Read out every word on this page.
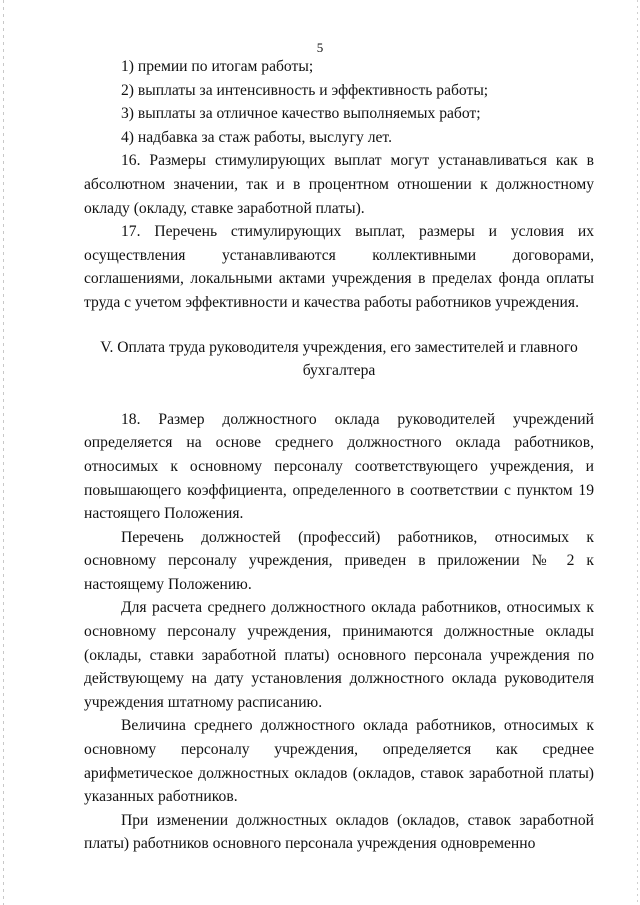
5

1) премии по итогам работы;

2) выплаты за интенсивность и эффективность работы;

3) выплаты за отличное качество выполняемых работ;

4) надбавка за стаж работы, выслугу лет.

16. Размеры стимулирующих выплат могут устанавливаться как в абсолютном значении, так и в процентном отношении к должностному окладу (окладу, ставке заработной платы).

17. Перечень стимулирующих выплат, размеры и условия их осуществления устанавливаются коллективными договорами, соглашениями, локальными актами учреждения в пределах фонда оплаты труда с учетом эффективности и качества работы работников учреждения.

V. Оплата труда руководителя учреждения, его заместителей и главного бухгалтера

18. Размер должностного оклада руководителей учреждений определяется на основе среднего должностного оклада работников, относимых к основному персоналу соответствующего учреждения, и повышающего коэффициента, определенного в соответствии с пунктом 19 настоящего Положения.

Перечень должностей (профессий) работников, относимых к основному персоналу учреждения, приведен в приложении № 2 к настоящему Положению.

Для расчета среднего должностного оклада работников, относимых к основному персоналу учреждения, принимаются должностные оклады (оклады, ставки заработной платы) основного персонала учреждения по действующему на дату установления должностного оклада руководителя учреждения штатному расписанию.

Величина среднего должностного оклада работников, относимых к основному персоналу учреждения, определяется как среднее арифметическое должностных окладов (окладов, ставок заработной платы) указанных работников.

При изменении должностных окладов (окладов, ставок заработной платы) работников основного персонала учреждения одновременно
